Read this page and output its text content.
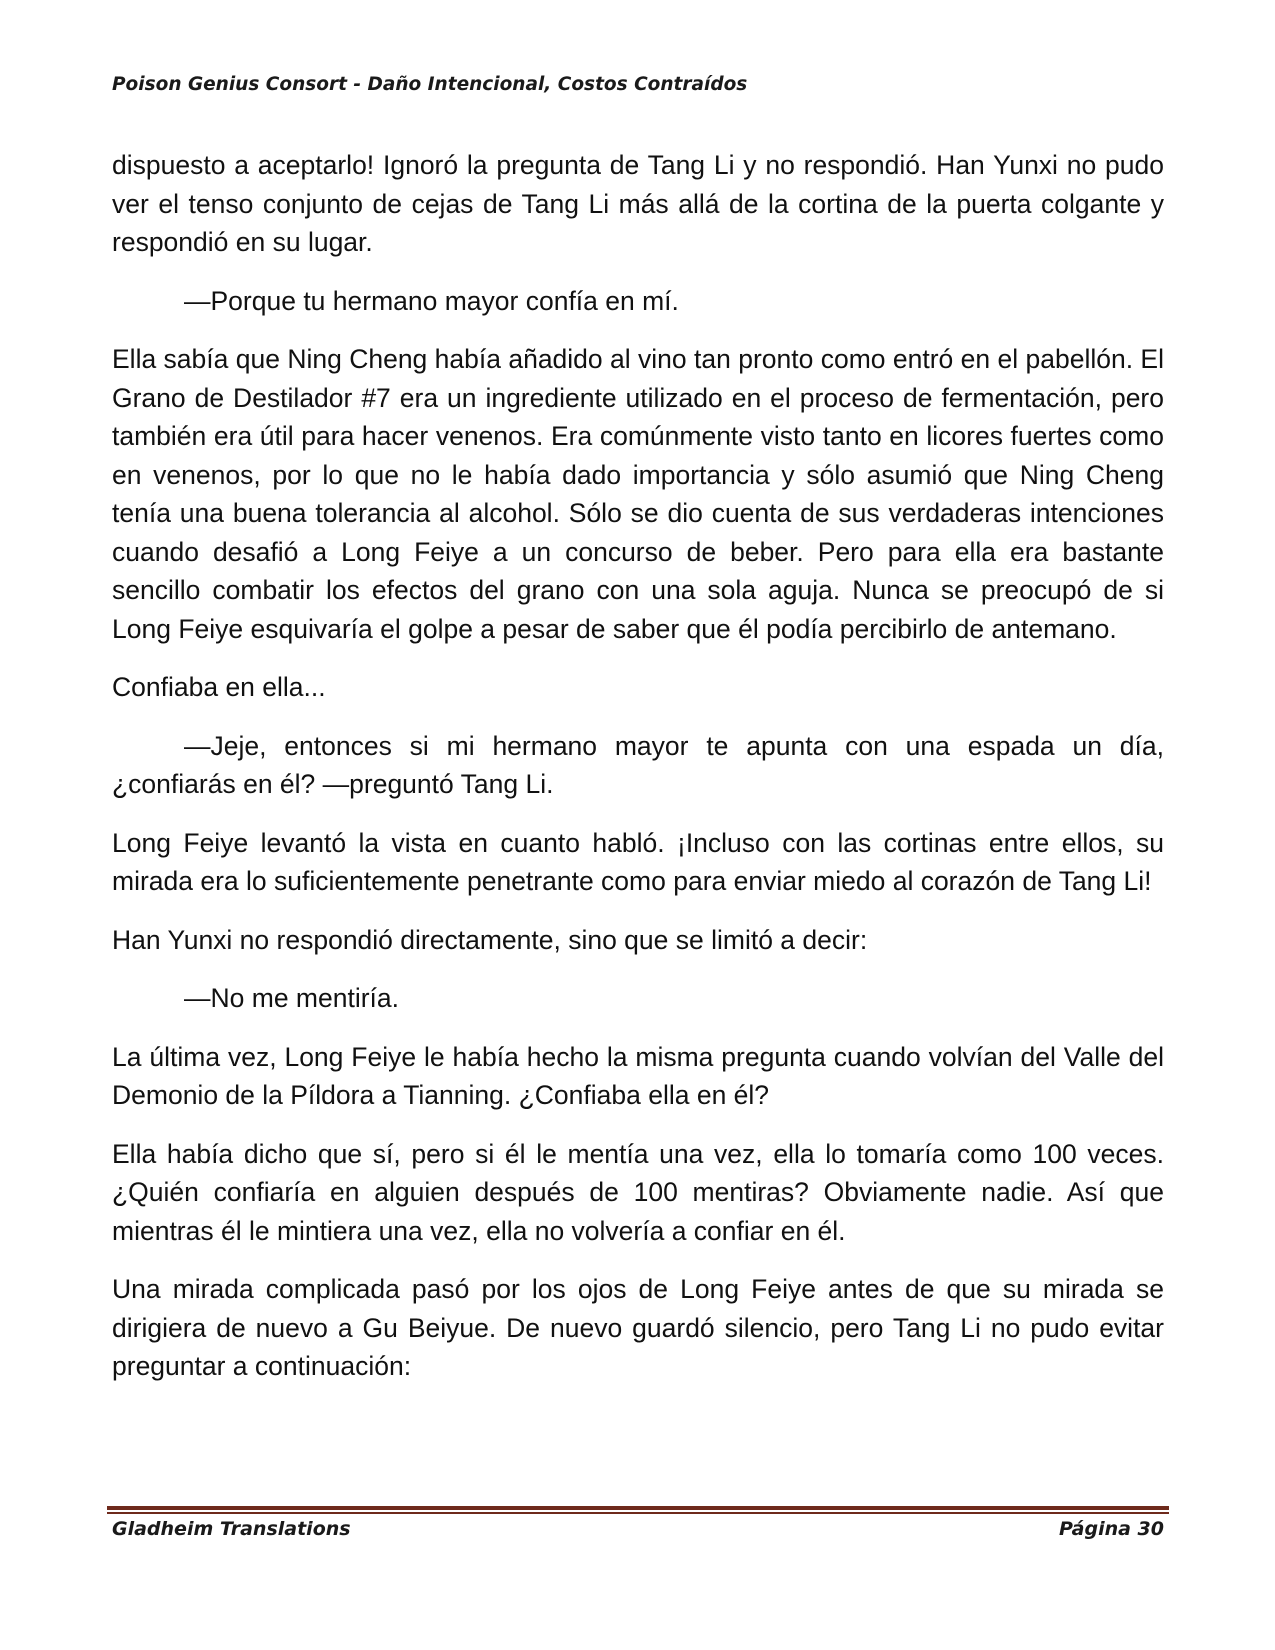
Poison Genius Consort - Daño Intencional, Costos Contraídos

dispuesto a aceptarlo! Ignoró la pregunta de Tang Li y no respondió. Han Yunxi no pudo ver el tenso conjunto de cejas de Tang Li más allá de la cortina de la puerta colgante y respondió en su lugar.

—Porque tu hermano mayor confía en mí.

Ella sabía que Ning Cheng había añadido al vino tan pronto como entró en el pabellón. El Grano de Destilador #7 era un ingrediente utilizado en el proceso de fermentación, pero también era útil para hacer venenos. Era comúnmente visto tanto en licores fuertes como en venenos, por lo que no le había dado importancia y sólo asumió que Ning Cheng tenía una buena tolerancia al alcohol. Sólo se dio cuenta de sus verdaderas intenciones cuando desafió a Long Feiye a un concurso de beber. Pero para ella era bastante sencillo combatir los efectos del grano con una sola aguja. Nunca se preocupó de si Long Feiye esquivaría el golpe a pesar de saber que él podía percibirlo de antemano.

Confiaba en ella...

—Jeje, entonces si mi hermano mayor te apunta con una espada un día, ¿confiarás en él? —preguntó Tang Li.

Long Feiye levantó la vista en cuanto habló. ¡Incluso con las cortinas entre ellos, su mirada era lo suficientemente penetrante como para enviar miedo al corazón de Tang Li!

Han Yunxi no respondió directamente, sino que se limitó a decir:

—No me mentiría.

La última vez, Long Feiye le había hecho la misma pregunta cuando volvían del Valle del Demonio de la Píldora a Tianning. ¿Confiaba ella en él?

Ella había dicho que sí, pero si él le mentía una vez, ella lo tomaría como 100 veces. ¿Quién confiaría en alguien después de 100 mentiras? Obviamente nadie. Así que mientras él le mintiera una vez, ella no volvería a confiar en él.

Una mirada complicada pasó por los ojos de Long Feiye antes de que su mirada se dirigiera de nuevo a Gu Beiyue. De nuevo guardó silencio, pero Tang Li no pudo evitar preguntar a continuación:

Gladheim Translations	Página 30
